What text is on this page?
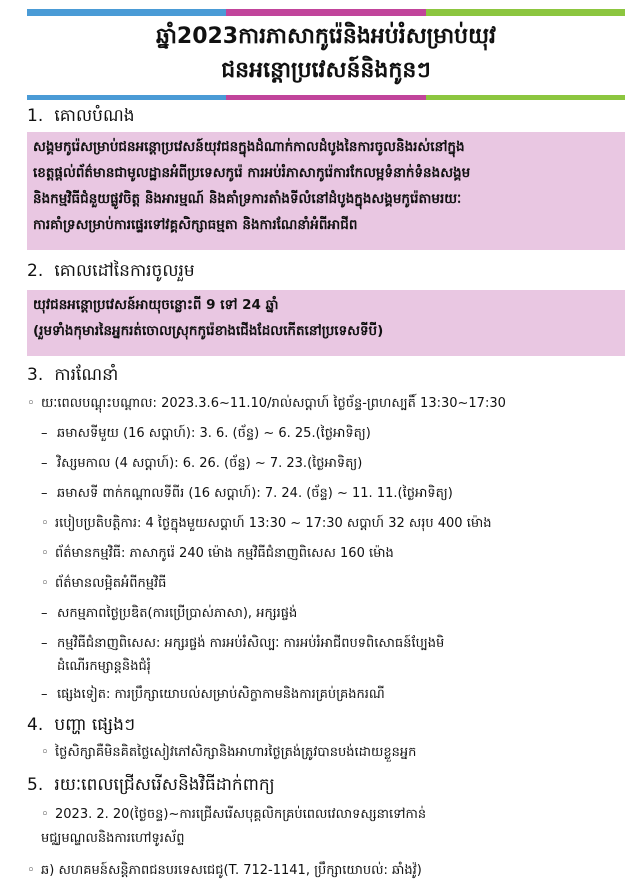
ឆ្នាំ2023ការភាសាកូរ៉េនិងអប់រំសម្រាប់យុវ
ជនអន្តោប្រវេសន៍និងកូនៗ
1. គោលបំណង
សង្គមកូរ៉េសម្រាប់ជនអន្តោប្រវេសន៍យុវជនក្នុងដំណាក់កាលដំបូងនៃការចូលនិងរស់នៅក្នុង
ខេត្តផ្តល់ព័ត៌មានជាមូលដ្ឋានអំពីប្រទេសកូរ៉េ ការអប់រំភាសាកូរ៉េការកែលម្អទំនាក់ទំនងសង្គម
និងកម្មវិធីជំនួយផ្លូវចិត្ត និងអារម្មណ៍ និងគាំទ្រការតាំងទីលំនៅដំបូងក្នុងសង្គមកូរ៉េតាមរយៈ
ការគាំទ្រសម្រាប់ការផ្ទេរទៅវគ្គសិក្សាធម្មតា និងការណែនាំអំពីអាជីព
2. គោលដៅនៃការចូលរួម
យុវជនអន្តោប្រវេសន៍អាយុចន្លោះពី 9 ទៅ 24 ឆ្នាំ
(រួមទាំងកុមារនៃអ្នករត់ចោលស្រុកកូរ៉េខាងជើងដែលកើតនៅប្រទេសទីបី)
3. ការណែនាំ
◦ យៈពេលបណ្តុះបណ្តាល: 2023.3.6~11.10/រាល់សប្តាហ៍ ថ្ងៃច័ន្ទ-ព្រហស្បតិ៍ 13:30~17:30
– ឆមាសទីមួយ (16 សប្តាហ៍): 3. 6. (ច័ន្ទ) ~ 6. 25.(ថ្ងៃអាទិត្យ)
– វិស្សមកាល (4 សប្តាហ៍): 6. 26. (ច័ន្ទ) ~ 7. 23.(ថ្ងៃអាទិត្យ)
– ឆមាសទី ពាក់កណ្តាលទីពីរ (16 សប្តាហ៍): 7. 24. (ច័ន្ទ) ~ 11. 11.(ថ្ងៃអាទិត្យ)
◦ របៀបប្រតិបត្តិការ: 4 ថ្ងៃក្នុងមួយសប្តាហ៍ 13:30 ~ 17:30 សប្តាហ៍ 32 សរុប 400 ម៉ោង
◦ ព័ត៌មានកម្មវិធី: ភាសាកូរ៉េ 240 ម៉ោង កម្មវិធីជំនាញពិសេស 160 ម៉ោង
◦ ព័ត៌មានលម្អិតអំពីកម្មវិធី
– សកម្មភាពថ្ងៃប្រឌិត(ការប្រើប្រាស់ភាសា), អក្សរផ្ចង់
– កម្មវិធីជំនាញពិសេស: អក្សរផ្ចង់ ការអប់រំសិល្បៈ ការអប់រំអាជីពបទពិសោធន៍ប្បែងមិ
ដំណើរកម្សាន្តនិងជំរុំ
– ផ្សេងទៀត: ការប្រឹក្សាយោបល់សម្រាប់សិក្ខាកាមនិងការគ្រប់គ្រងករណី
4. បញ្ហា ផ្សេងៗ
◦ ថ្លៃសិក្សាគឺមិនគិតថ្លៃសៀវភៅសិក្សានិងអាហារថ្ងៃត្រង់ត្រូវបានបង់ដោយខ្លួនអ្នក
5. រយៈពេលជ្រើសរើសនិងវិធីដាក់ពាក្យ
◦ 2023. 2. 20(ថ្ងៃចន្ទ)~ការជ្រើសរើសបុគ្គលិកគ្រប់ពេលវេលាទស្សនាទៅកាន់
មជ្ឈមណ្ឌលនិងការហៅទូរស័ព្ទ
◦ ឆ) សហគមន៍សន្តិភាពជនបរទេសជេជូ(T. 712-1141, ប្រឹក្សាយោបល់: ឆាំងវ៉ូ)
